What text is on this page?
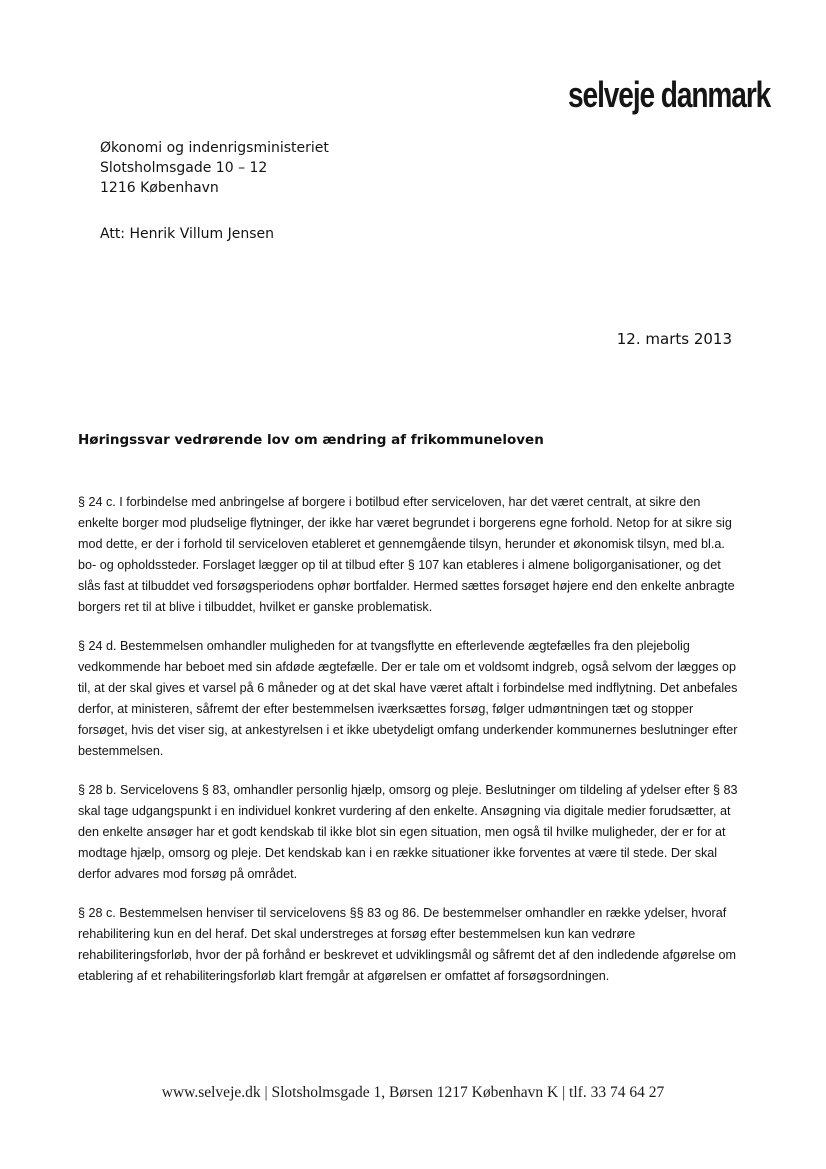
selveje danmark
Økonomi og indenrigsministeriet
Slotsholmsgade 10 – 12
1216 København
Att: Henrik Villum Jensen
12. marts 2013
Høringssvar vedrørende lov om ændring af frikommuneloven

§ 24 c. I forbindelse med anbringelse af borgere i botilbud efter serviceloven, har det været centralt, at sikre den enkelte borger mod pludselige flytninger, der ikke har været begrundet i borgerens egne forhold. Netop for at sikre sig mod dette, er der i forhold til serviceloven etableret et gennemgående tilsyn, herunder et økonomisk tilsyn, med bl.a. bo- og opholdssteder. Forslaget lægger op til at tilbud efter § 107 kan etableres i almene boligorganisationer, og det slås fast at tilbuddet ved forsøgsperiodens ophør bortfalder. Hermed sættes forsøget højere end den enkelte anbragte borgers ret til at blive i tilbuddet, hvilket er ganske problematisk.

§ 24 d. Bestemmelsen omhandler muligheden for at tvangsflytte en efterlevende ægtefælles fra den plejebolig vedkommende har beboet med sin afdøde ægtefælle. Der er tale om et voldsomt indgreb, også selvom der lægges op til, at der skal gives et varsel på 6 måneder og at det skal have været aftalt i forbindelse med indflytning. Det anbefales derfor, at ministeren, såfremt der efter bestemmelsen iværksættes forsøg, følger udmøntningen tæt og stopper forsøget, hvis det viser sig, at ankestyrelsen i et ikke ubetydeligt omfang underkender kommunernes beslutninger efter bestemmelsen.

§ 28 b. Servicelovens § 83, omhandler personlig hjælp, omsorg og pleje. Beslutninger om tildeling af ydelser efter § 83 skal tage udgangspunkt i en individuel konkret vurdering af den enkelte. Ansøgning via digitale medier forudsætter, at den enkelte ansøger har et godt kendskab til ikke blot sin egen situation, men også til hvilke muligheder, der er for at modtage hjælp, omsorg og pleje. Det kendskab kan i en række situationer ikke forventes at være til stede. Der skal derfor advares mod forsøg på området.

§ 28 c. Bestemmelsen henviser til servicelovens §§ 83 og 86. De bestemmelser omhandler en række ydelser, hvoraf rehabilitering kun en del heraf. Det skal understreges at forsøg efter bestemmelsen kun kan vedrøre rehabiliteringsforløb, hvor der på forhånd er beskrevet et udviklingsmål og såfremt det af den indledende afgørelse om etablering af et rehabiliteringsforløb klart fremgår at afgørelsen er omfattet af forsøgsordningen.

www.selveje.dk | Slotsholmsgade 1, Børsen 1217 København K | tlf. 33 74 64 27
